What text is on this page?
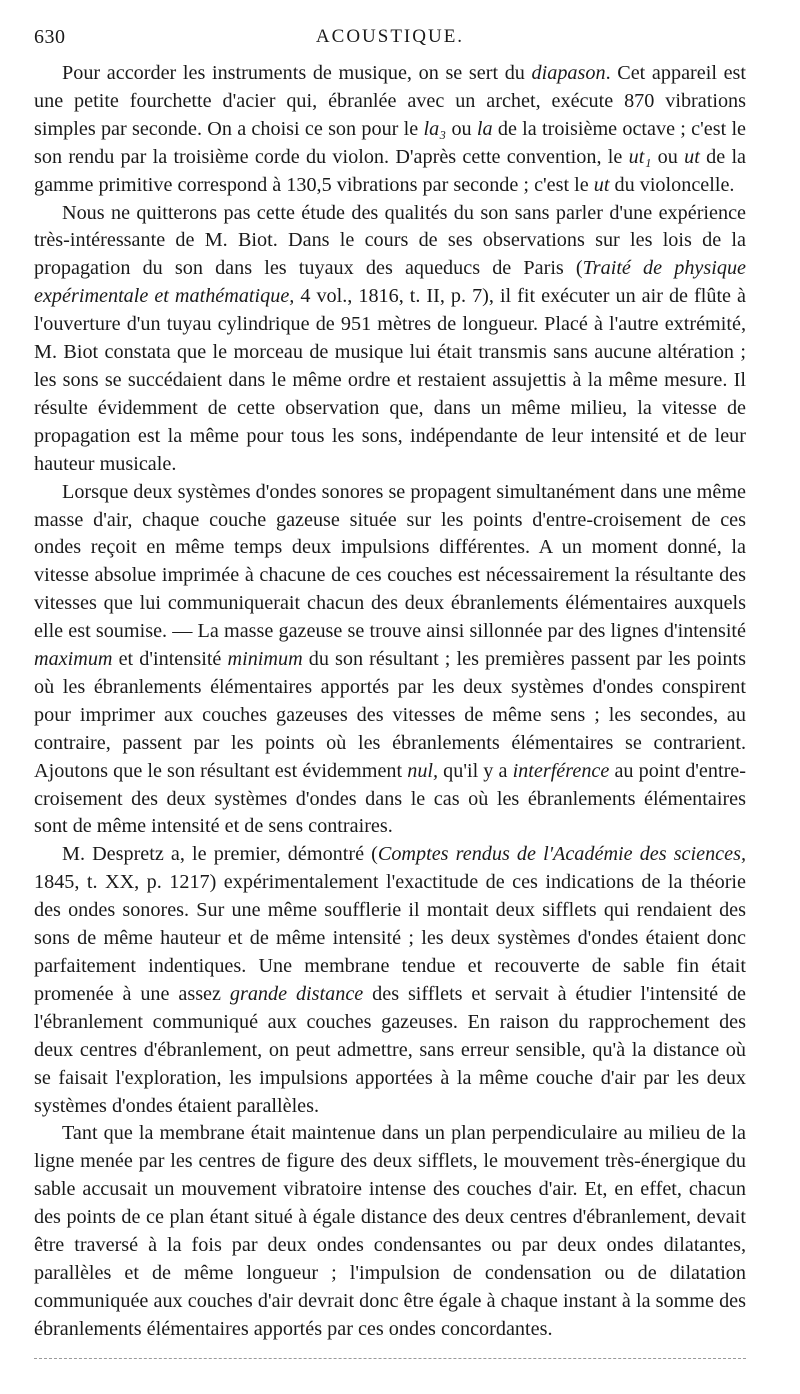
630	ACOUSTIQUE.

Pour accorder les instruments de musique, on se sert du diapason. Cet appareil est une petite fourchette d'acier qui, ébranlée avec un archet, exécute 870 vibrations simples par seconde. On a choisi ce son pour le la₃ ou la de la troisième octave ; c'est le son rendu par la troisième corde du violon. D'après cette convention, le ut₁ ou ut de la gamme primitive correspond à 130,5 vibrations par seconde ; c'est le ut du violoncelle.

Nous ne quitterons pas cette étude des qualités du son sans parler d'une expérience très-intéressante de M. Biot. Dans le cours de ses observations sur les lois de la propagation du son dans les tuyaux des aqueducs de Paris (Traité de physique expérimentale et mathématique, 4 vol., 1816, t. II, p. 7), il fit exécuter un air de flûte à l'ouverture d'un tuyau cylindrique de 951 mètres de longueur. Placé à l'autre extrémité, M. Biot constata que le morceau de musique lui était transmis sans aucune altération ; les sons se succédaient dans le même ordre et restaient assujettis à la même mesure. Il résulte évidemment de cette observation que, dans un même milieu, la vitesse de propagation est la même pour tous les sons, indépendante de leur intensité et de leur hauteur musicale.

Lorsque deux systèmes d'ondes sonores se propagent simultanément dans une même masse d'air, chaque couche gazeuse située sur les points d'entre-croisement de ces ondes reçoit en même temps deux impulsions différentes. A un moment donné, la vitesse absolue imprimée à chacune de ces couches est nécessairement la résultante des vitesses que lui communiquerait chacun des deux ébranlements élémentaires auxquels elle est soumise. — La masse gazeuse se trouve ainsi sillonnée par des lignes d'intensité maximum et d'intensité minimum du son résultant ; les premières passent par les points où les ébranlements élémentaires apportés par les deux systèmes d'ondes conspirent pour imprimer aux couches gazeuses des vitesses de même sens ; les secondes, au contraire, passent par les points où les ébranlements élémentaires se contrarient. Ajoutons que le son résultant est évidemment nul, qu'il y a interférence au point d'entre-croisement des deux systèmes d'ondes dans le cas où les ébranlements élémentaires sont de même intensité et de sens contraires.

M. Despretz a, le premier, démontré (Comptes rendus de l'Académie des sciences, 1845, t. XX, p. 1217) expérimentalement l'exactitude de ces indications de la théorie des ondes sonores. Sur une même soufflerie il montait deux sifflets qui rendaient des sons de même hauteur et de même intensité ; les deux systèmes d'ondes étaient donc parfaitement indentiques. Une membrane tendue et recouverte de sable fin était promenée à une assez grande distance des sifflets et servait à étudier l'intensité de l'ébranlement communiqué aux couches gazeuses. En raison du rapprochement des deux centres d'ébranlement, on peut admettre, sans erreur sensible, qu'à la distance où se faisait l'exploration, les impulsions apportées à la même couche d'air par les deux systèmes d'ondes étaient parallèles.

Tant que la membrane était maintenue dans un plan perpendiculaire au milieu de la ligne menée par les centres de figure des deux sifflets, le mouvement très-énergique du sable accusait un mouvement vibratoire intense des couches d'air. Et, en effet, chacun des points de ce plan étant situé à égale distance des deux centres d'ébranlement, devait être traversé à la fois par deux ondes condensantes ou par deux ondes dilatantes, parallèles et de même longueur ; l'impulsion de condensation ou de dilatation communiquée aux couches d'air devrait donc être égale à chaque instant à la somme des ébranlements élémentaires apportés par ces ondes concordantes.
